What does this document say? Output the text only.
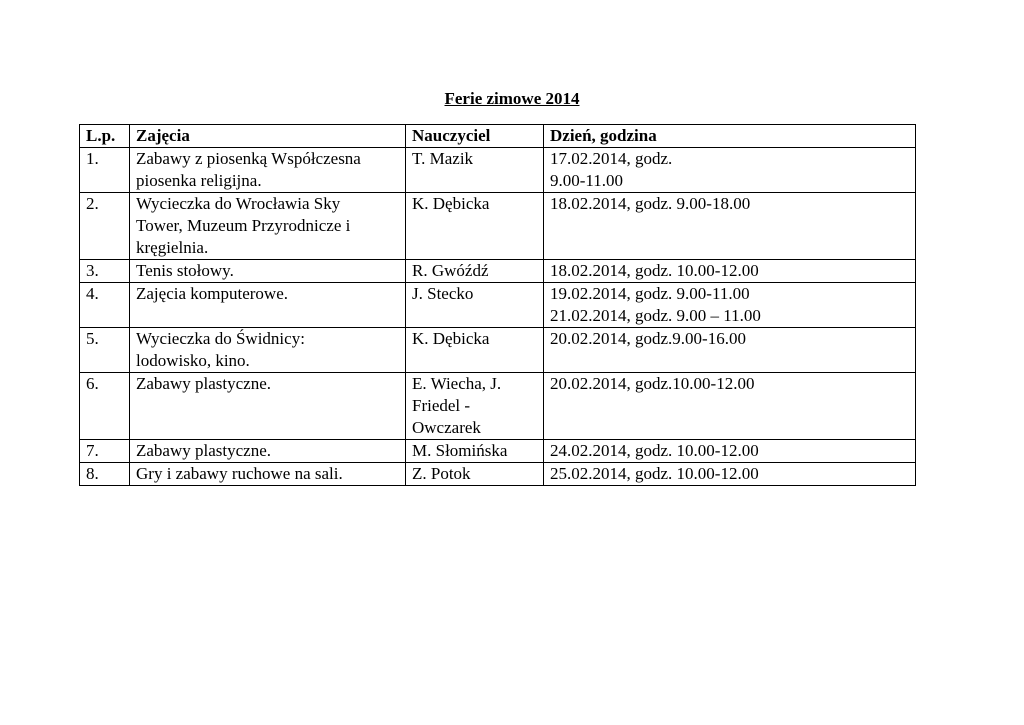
Ferie zimowe 2014
L.p.	Zajęcia	Nauczyciel	Dzień, godzina
1.	Zabawy z piosenką Współczesna
piosenka religijna.	T. Mazik	17.02.2014, godz.
9.00-11.00

2.	Wycieczka do Wrocławia Sky
Tower, Muzeum Przyrodnicze i
kręgielnia.	K. Dębicka	18.02.2014, godz. 9.00-18.00

3.	Tenis stołowy.	R. Gwóźdź	18.02.2014, godz. 10.00-12.00

4.	Zajęcia komputerowe.	J. Stecko	19.02.2014, godz. 9.00-11.00
21.02.2014, godz. 9.00 – 11.00

5.	Wycieczka do Świdnicy:
lodowisko, kino.	K. Dębicka	20.02.2014, godz.9.00-16.00

6.	Zabawy plastyczne.	E. Wiecha, J.
Friedel -
Owczarek	20.02.2014, godz.10.00-12.00

7.	Zabawy plastyczne.	M. Słomińska	24.02.2014, godz. 10.00-12.00

8.	Gry i zabawy ruchowe na sali.	Z. Potok	25.02.2014, godz. 10.00-12.00
